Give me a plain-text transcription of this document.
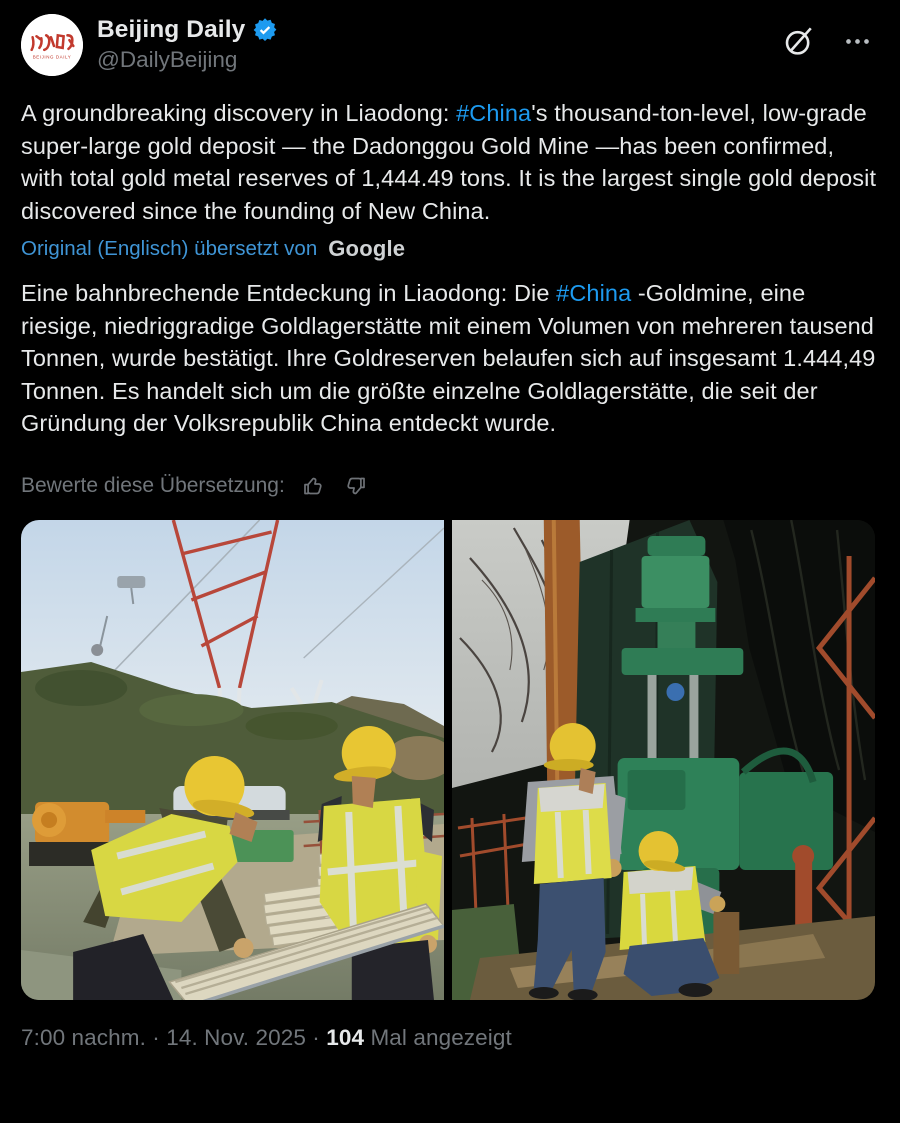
BEIJING DAILY
Beijing Daily
@DailyBeijing

A groundbreaking discovery in Liaodong: #China's thousand-ton-level, low-grade super-large gold deposit — the Dadonggou Gold Mine —has been confirmed, with total gold metal reserves of 1,444.49 tons. It is the largest single gold deposit discovered since the founding of New China.

Original (Englisch) übersetzt von Google

Eine bahnbrechende Entdeckung in Liaodong: Die #China -Goldmine, eine riesige, niedriggradige Goldlagerstätte mit einem Volumen von mehreren tausend Tonnen, wurde bestätigt. Ihre Goldreserven belaufen sich auf insgesamt 1.444,49 Tonnen. Es handelt sich um die größte einzelne Goldlagerstätte, die seit der Gründung der Volksrepublik China entdeckt wurde.

Bewerte diese Übersetzung:
7:00 nachm. · 14. Nov. 2025 · 104 Mal angezeigt
